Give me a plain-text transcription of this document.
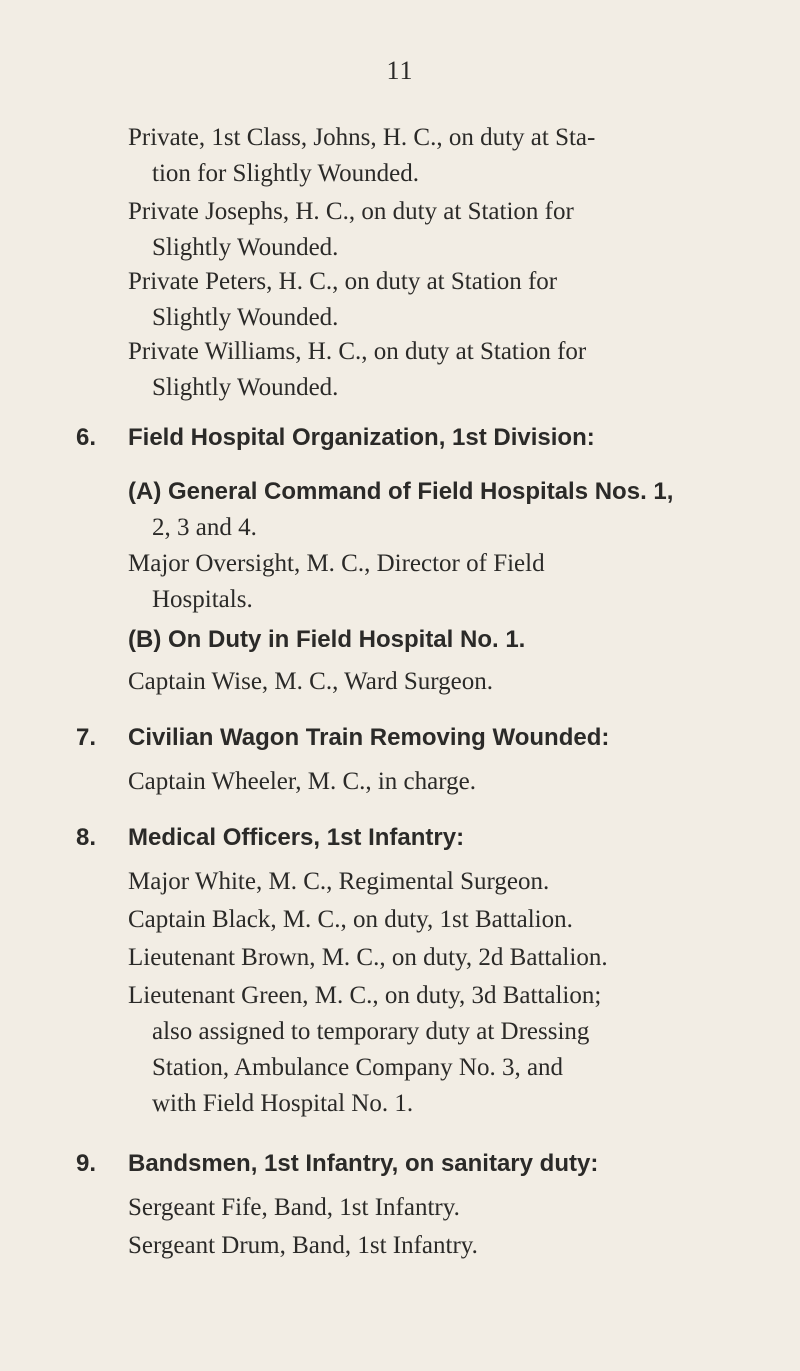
11
Private, 1st Class, Johns, H. C., on duty at Sta-
tion for Slightly Wounded.
Private Josephs, H. C., on duty at Station for
Slightly Wounded.
Private Peters, H. C., on duty at Station for
Slightly Wounded.
Private Williams, H. C., on duty at Station for
Slightly Wounded.
6.	Field Hospital Organization, 1st Division:
(A) General Command of Field Hospitals Nos. 1,
2, 3 and 4.
Major Oversight, M. C., Director of Field
Hospitals.
(B) On Duty in Field Hospital No. 1.
Captain Wise, M. C., Ward Surgeon.
7.	Civilian Wagon Train Removing Wounded:
Captain Wheeler, M. C., in charge.
8.	Medical Officers, 1st Infantry:
Major White, M. C., Regimental Surgeon.
Captain Black, M. C., on duty, 1st Battalion.
Lieutenant Brown, M. C., on duty, 2d Battalion.
Lieutenant Green, M. C., on duty, 3d Battalion;
also assigned to temporary duty at Dressing
Station, Ambulance Company No. 3, and
with Field Hospital No. 1.
9.	Bandsmen, 1st Infantry, on sanitary duty:
Sergeant Fife, Band, 1st Infantry.
Sergeant Drum, Band, 1st Infantry.
